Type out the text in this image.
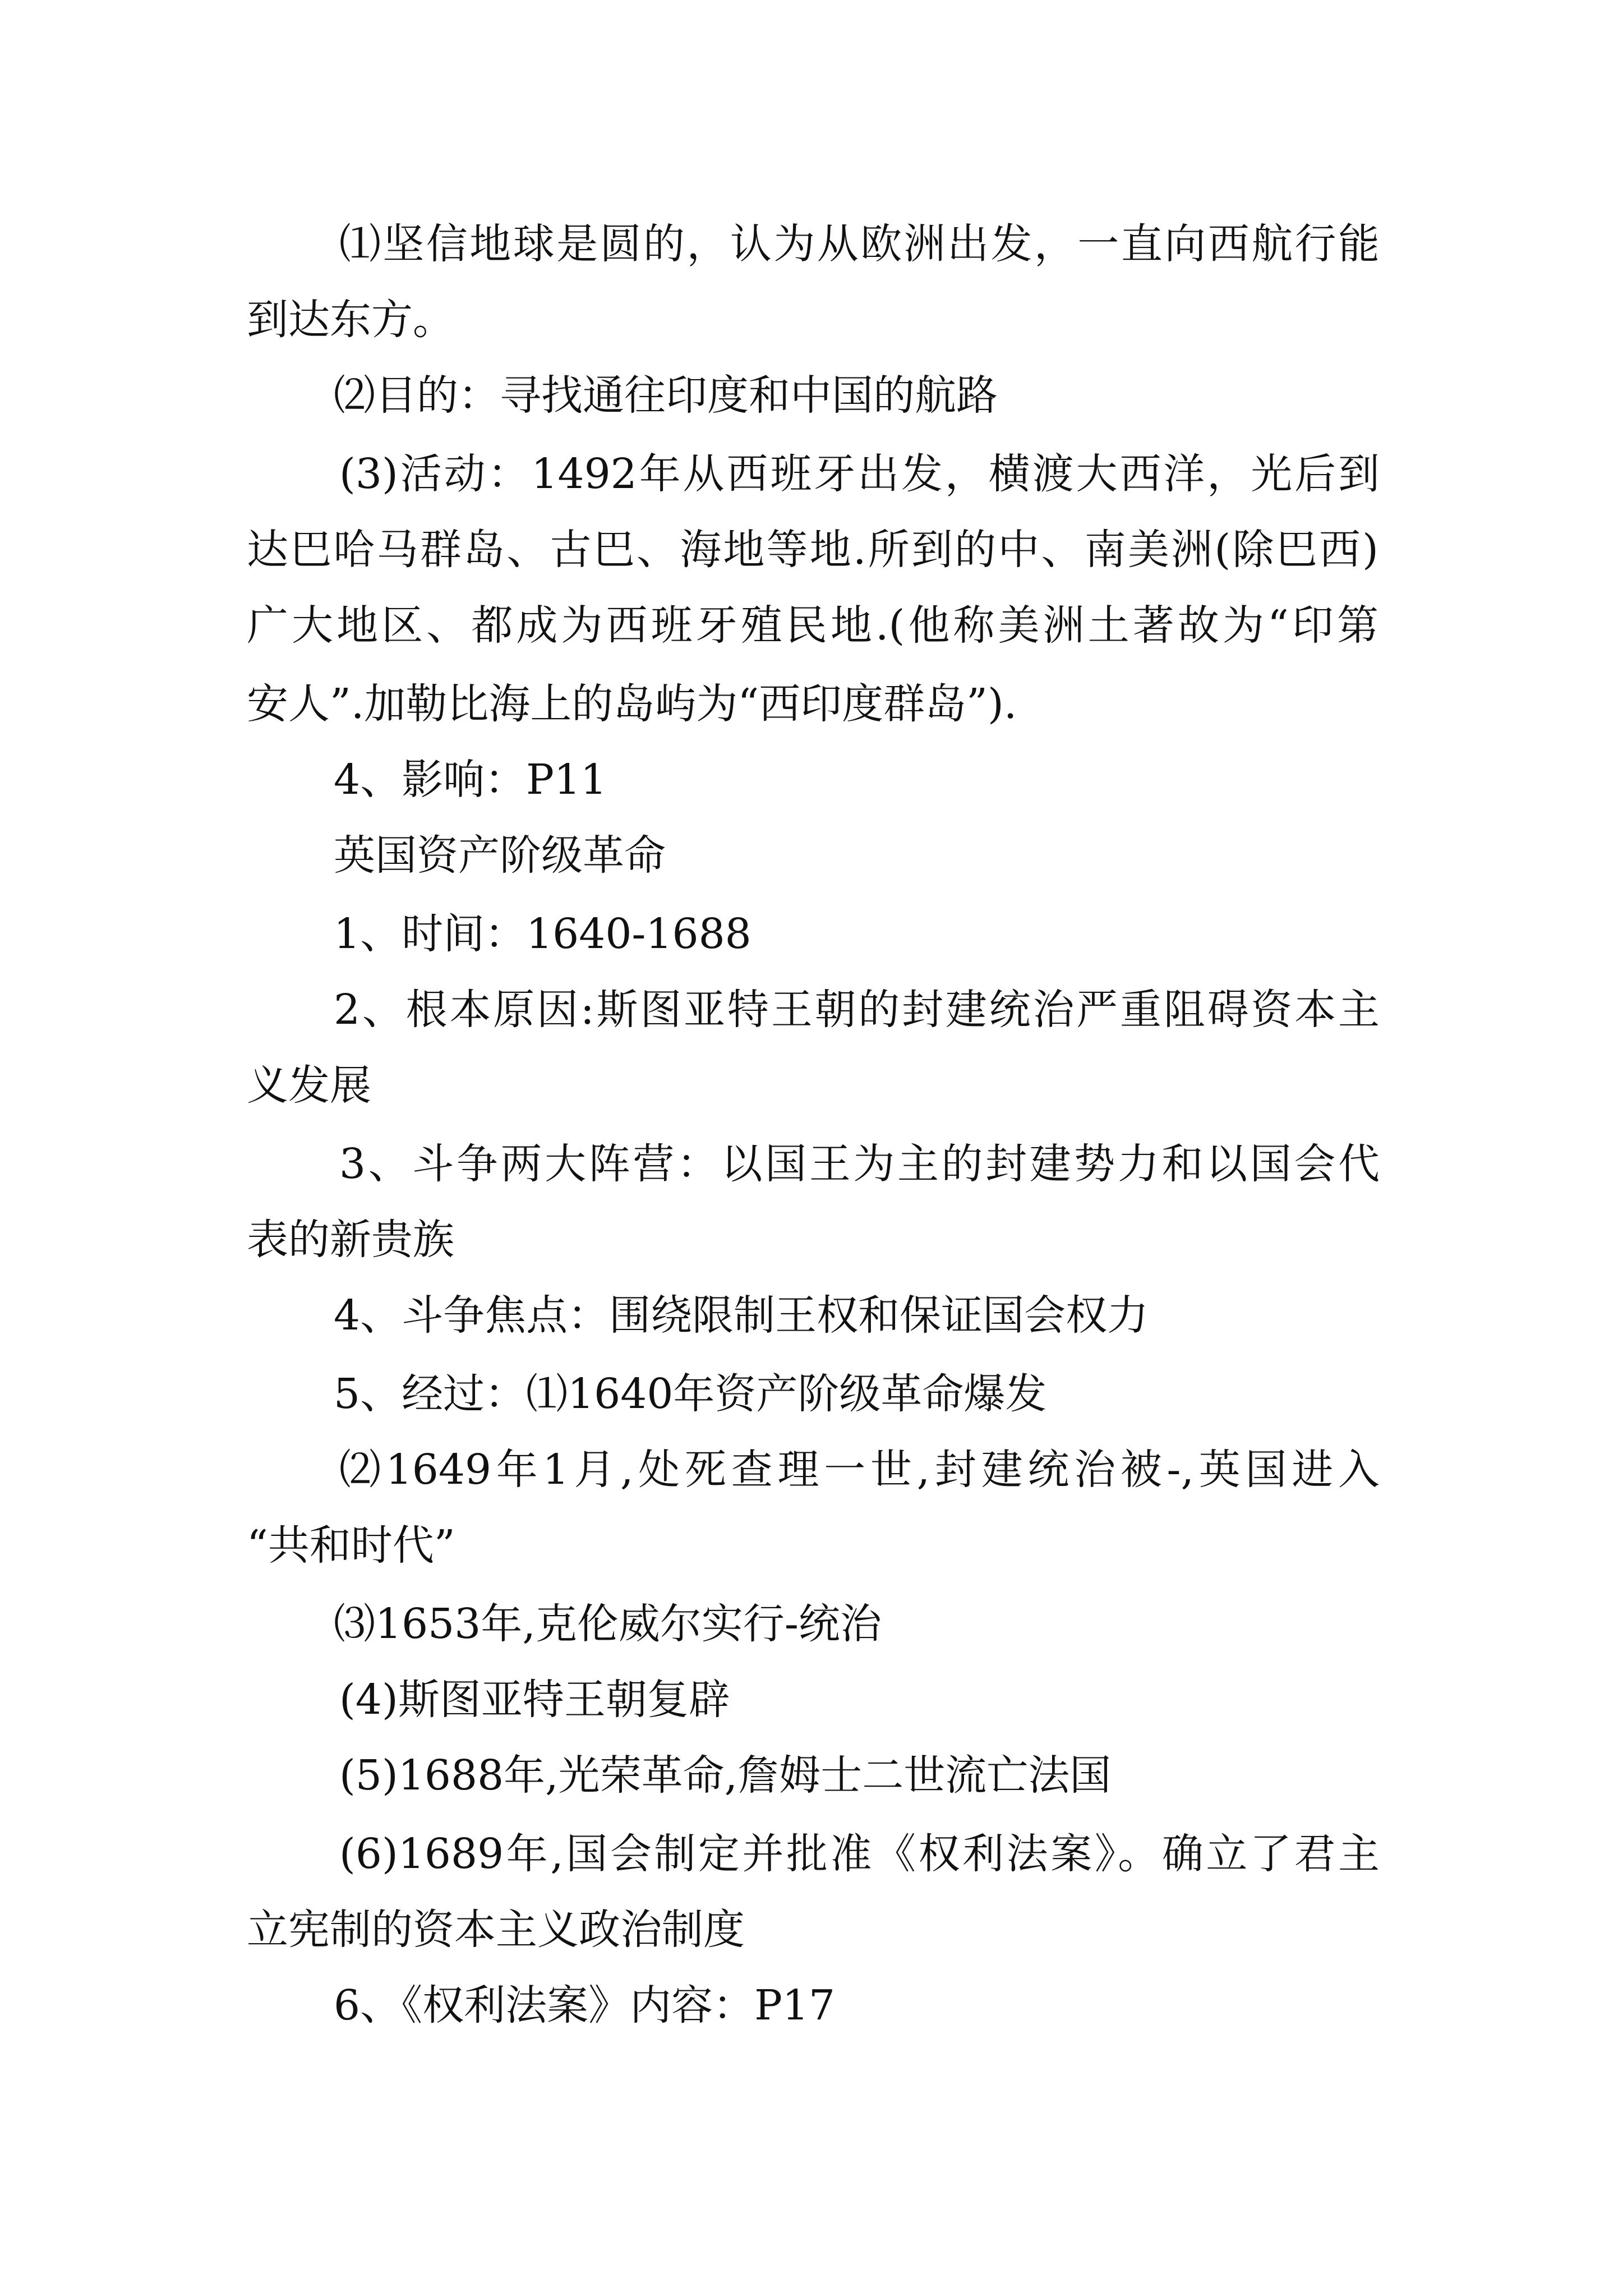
⑴坚信地球是圆的，认为从欧洲出发，一直向西航行能
到达东方。
⑵目的：寻找通往印度和中国的航路
(3)活动：1492年从西班牙出发，横渡大西洋，光后到
达巴哈马群岛、古巴、海地等地.所到的中、南美洲(除巴西)
广大地区、都成为西班牙殖民地.(他称美洲土著故为“印第
安人”.加勒比海上的岛屿为“西印度群岛”).
4、影响：P11
英国资产阶级革命
1、时间：1640-1688
2、根本原因:斯图亚特王朝的封建统治严重阻碍资本主
义发展
3、斗争两大阵营：以国王为主的封建势力和以国会代
表的新贵族
4、斗争焦点：围绕限制王权和保证国会权力
5、经过：⑴1640年资产阶级革命爆发
⑵1649年1月,处死查理一世,封建统治被-,英国进入
“共和时代”
⑶1653年,克伦威尔实行-统治
(4)斯图亚特王朝复辟
(5)1688年,光荣革命,詹姆士二世流亡法国
(6)1689年,国会制定并批准《权利法案》。确立了君主
立宪制的资本主义政治制度
6、《权利法案》内容：P17
